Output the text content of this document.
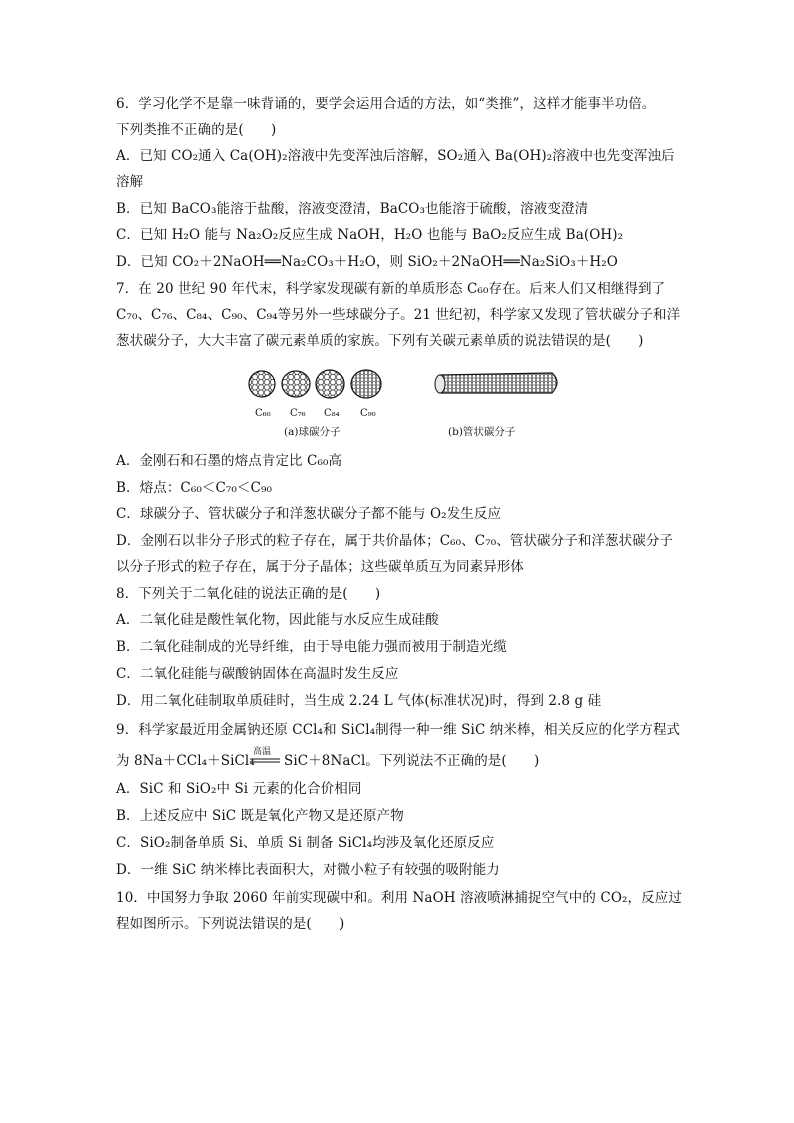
6．学习化学不是靠一味背诵的，要学会运用合适的方法，如“类推”，这样才能事半功倍。
下列类推不正确的是(　　)
A．已知 CO₂通入 Ca(OH)₂溶液中先变浑浊后溶解，SO₂通入 Ba(OH)₂溶液中也先变浑浊后
溶解
B．已知 BaCO₃能溶于盐酸，溶液变澄清，BaCO₃也能溶于硫酸，溶液变澄清
C．已知 H₂O 能与 Na₂O₂反应生成 NaOH，H₂O 也能与 BaO₂反应生成 Ba(OH)₂
D．已知 CO₂＋2NaOH══Na₂CO₃＋H₂O，则 SiO₂＋2NaOH══Na₂SiO₃＋H₂O
7．在 20 世纪 90 年代末，科学家发现碳有新的单质形态 C₆₀存在。后来人们又相继得到了
C₇₀、C₇₆、C₈₄、C₉₀、C₉₄等另外一些球碳分子。21 世纪初，科学家又发现了管状碳分子和洋
葱状碳分子，大大丰富了碳元素单质的家族。下列有关碳元素单质的说法错误的是(　　)
C₆₀ C₇₆ C₈₄ C₉₀
(a)球碳分子	(b)管状碳分子
A．金刚石和石墨的熔点肯定比 C₆₀高
B．熔点：C₆₀＜C₇₀＜C₉₀
C．球碳分子、管状碳分子和洋葱状碳分子都不能与 O₂发生反应
D．金刚石以非分子形式的粒子存在，属于共价晶体；C₆₀、C₇₀、管状碳分子和洋葱状碳分子
以分子形式的粒子存在，属于分子晶体；这些碳单质互为同素异形体
8．下列关于二氧化硅的说法正确的是(　　)
A．二氧化硅是酸性氧化物，因此能与水反应生成硅酸
B．二氧化硅制成的光导纤维，由于导电能力强而被用于制造光缆
C．二氧化硅能与碳酸钠固体在高温时发生反应
D．用二氧化硅制取单质硅时，当生成 2.24 L 气体(标准状况)时，得到 2.8 g 硅
9．科学家最近用金属钠还原 CCl₄和 SiCl₄制得一种一维 SiC 纳米棒，相关反应的化学方程式
为 8Na＋CCl₄＋SiCl₄
高温
SiC＋8NaCl。下列说法不正确的是(　　)
A．SiC 和 SiO₂中 Si 元素的化合价相同
B．上述反应中 SiC 既是氧化产物又是还原产物
C．SiO₂制备单质 Si、单质 Si 制备 SiCl₄均涉及氧化还原反应
D．一维 SiC 纳米棒比表面积大，对微小粒子有较强的吸附能力
10．中国努力争取 2060 年前实现碳中和。利用 NaOH 溶液喷淋捕捉空气中的 CO₂，反应过
程如图所示。下列说法错误的是(　　)
